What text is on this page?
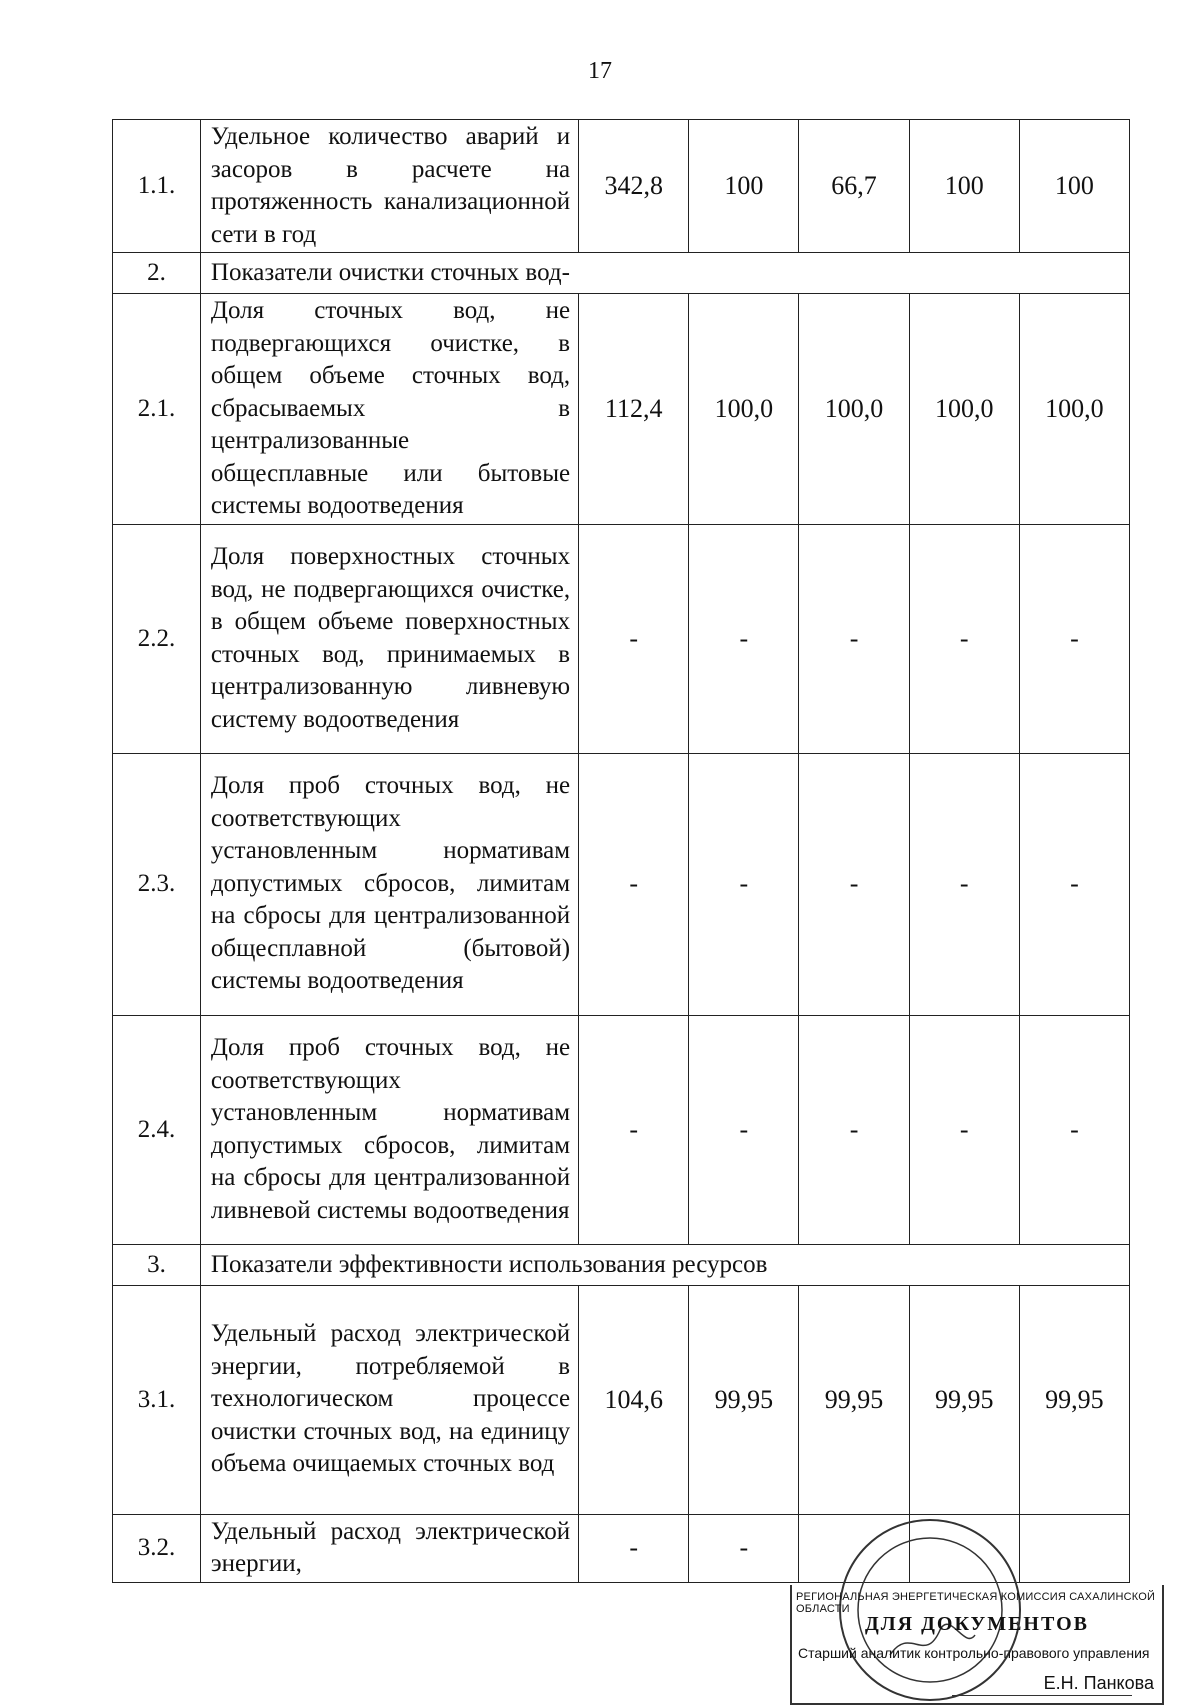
17
1.1.	Удельное количество аварий и засоров в расчете на протяженность канализационной сети в год	342,8	100	66,7	100	100
2.	Показатели очистки сточных вод-					
2.1.	Доля сточных вод, не подвергающихся очистке, в общем объеме сточных вод, сбрасываемых в централизованные общесплавные или бытовые системы водоотведения	112,4	100,0	100,0	100,0	100,0
2.2.	Доля поверхностных сточных вод, не подвергающихся очистке, в общем объеме поверхностных сточных вод, принимаемых в централизованную ливневую систему водоотведения	-	-	-	-	-
2.3.	Доля проб сточных вод, не соответствующих установленным нормативам допустимых сбросов, лимитам на сбросы для централизованной общесплавной (бытовой) системы водоотведения	-	-	-	-	-
2.4.	Доля проб сточных вод, не соответствующих установленным нормативам допустимых сбросов, лимитам на сбросы для централизованной ливневой системы водоотведения	-	-	-	-	-
3.	Показатели эффективности использования ресурсов					
3.1.	Удельный расход электрической энергии, потребляемой в технологическом процессе очистки сточных вод, на единицу объема очищаемых сточных вод	104,6	99,95	99,95	99,95	99,95
3.2.	Удельный расход электрической энергии,	-	-			
РЕГИОНАЛЬНАЯ ЭНЕРГЕТИЧЕСКАЯ КОМИССИЯ САХАЛИНСКОЙ ОБЛАСТИ
ДЛЯ ДОКУМЕНТОВ
Старший аналитик контрольно-правового управления
Е.Н. Панкова
